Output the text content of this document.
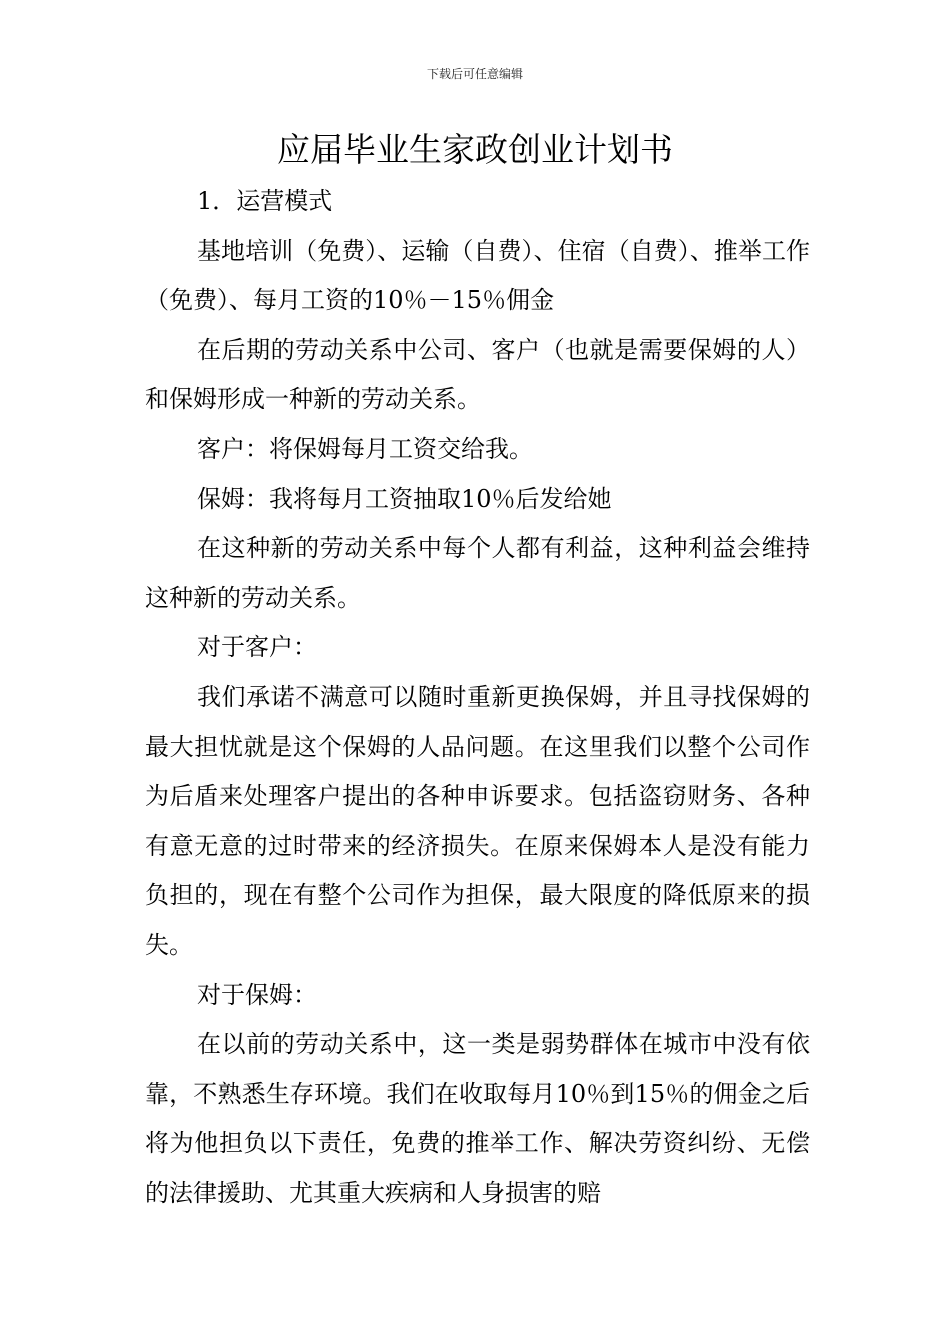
下载后可任意编辑
应届毕业生家政创业计划书

1．运营模式

基地培训（免费）、运输（自费）、住宿（自费）、推举工作（免费）、每月工资的10％－15％佣金

在后期的劳动关系中公司、客户（也就是需要保姆的人）和保姆形成一种新的劳动关系。

客户：将保姆每月工资交给我。

保姆：我将每月工资抽取10％后发给她

在这种新的劳动关系中每个人都有利益，这种利益会维持这种新的劳动关系。

对于客户：

我们承诺不满意可以随时重新更换保姆，并且寻找保姆的最大担忧就是这个保姆的人品问题。在这里我们以整个公司作为后盾来处理客户提出的各种申诉要求。包括盗窃财务、各种有意无意的过时带来的经济损失。在原来保姆本人是没有能力负担的，现在有整个公司作为担保，最大限度的降低原来的损失。

对于保姆：

在以前的劳动关系中，这一类是弱势群体在城市中没有依靠，不熟悉生存环境。我们在收取每月10％到15％的佣金之后将为他担负以下责任，免费的推举工作、解决劳资纠纷、无偿的法律援助、尤其重大疾病和人身损害的赔
